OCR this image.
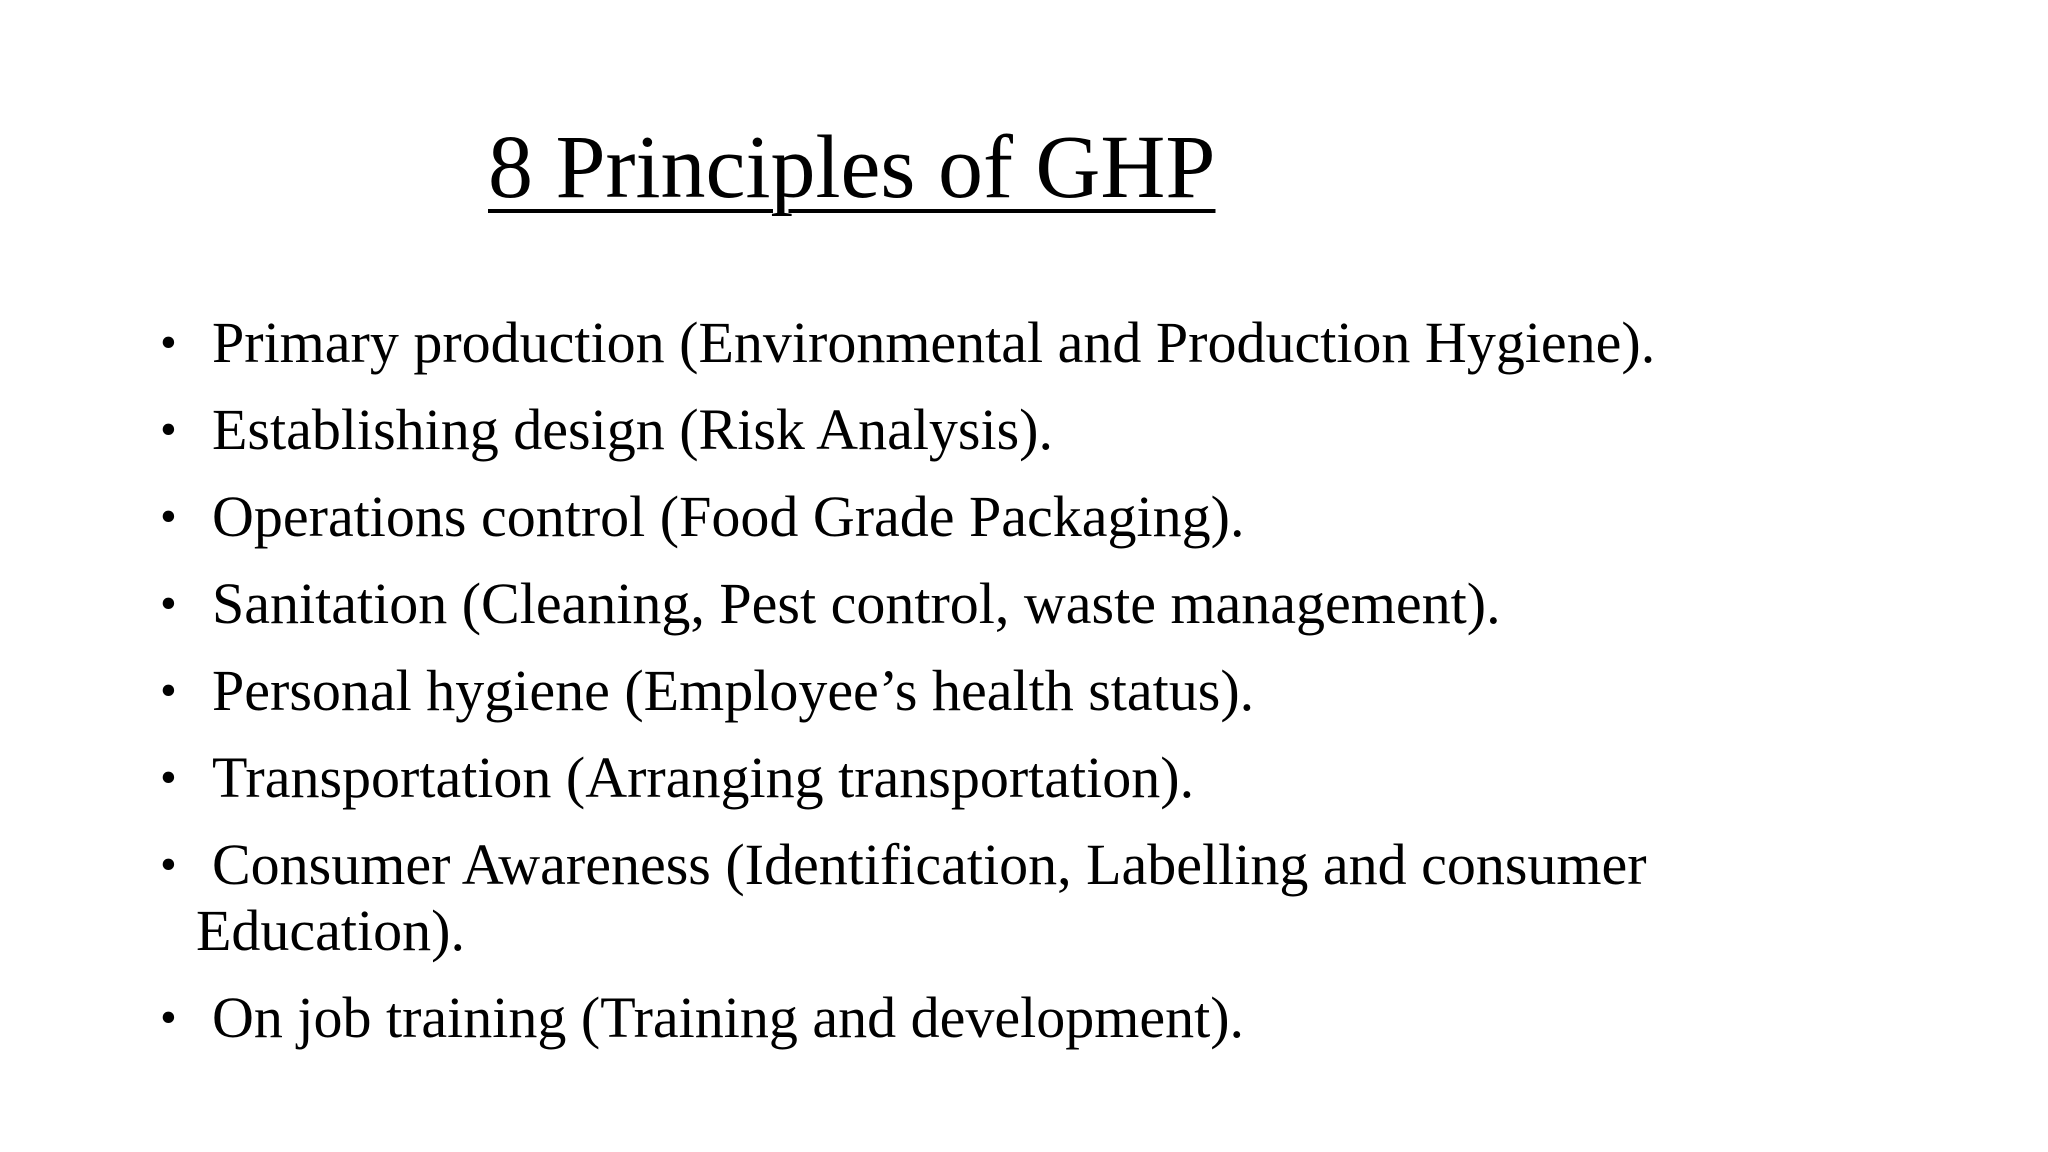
8 Principles of GHP
• Primary production (Environmental and Production Hygiene).
• Establishing design (Risk Analysis).
• Operations control (Food Grade Packaging).
• Sanitation (Cleaning, Pest control, waste management).
• Personal hygiene (Employee’s health status).
• Transportation (Arranging transportation).
• Consumer Awareness (Identification, Labelling and consumer
Education).
• On job training (Training and development).
